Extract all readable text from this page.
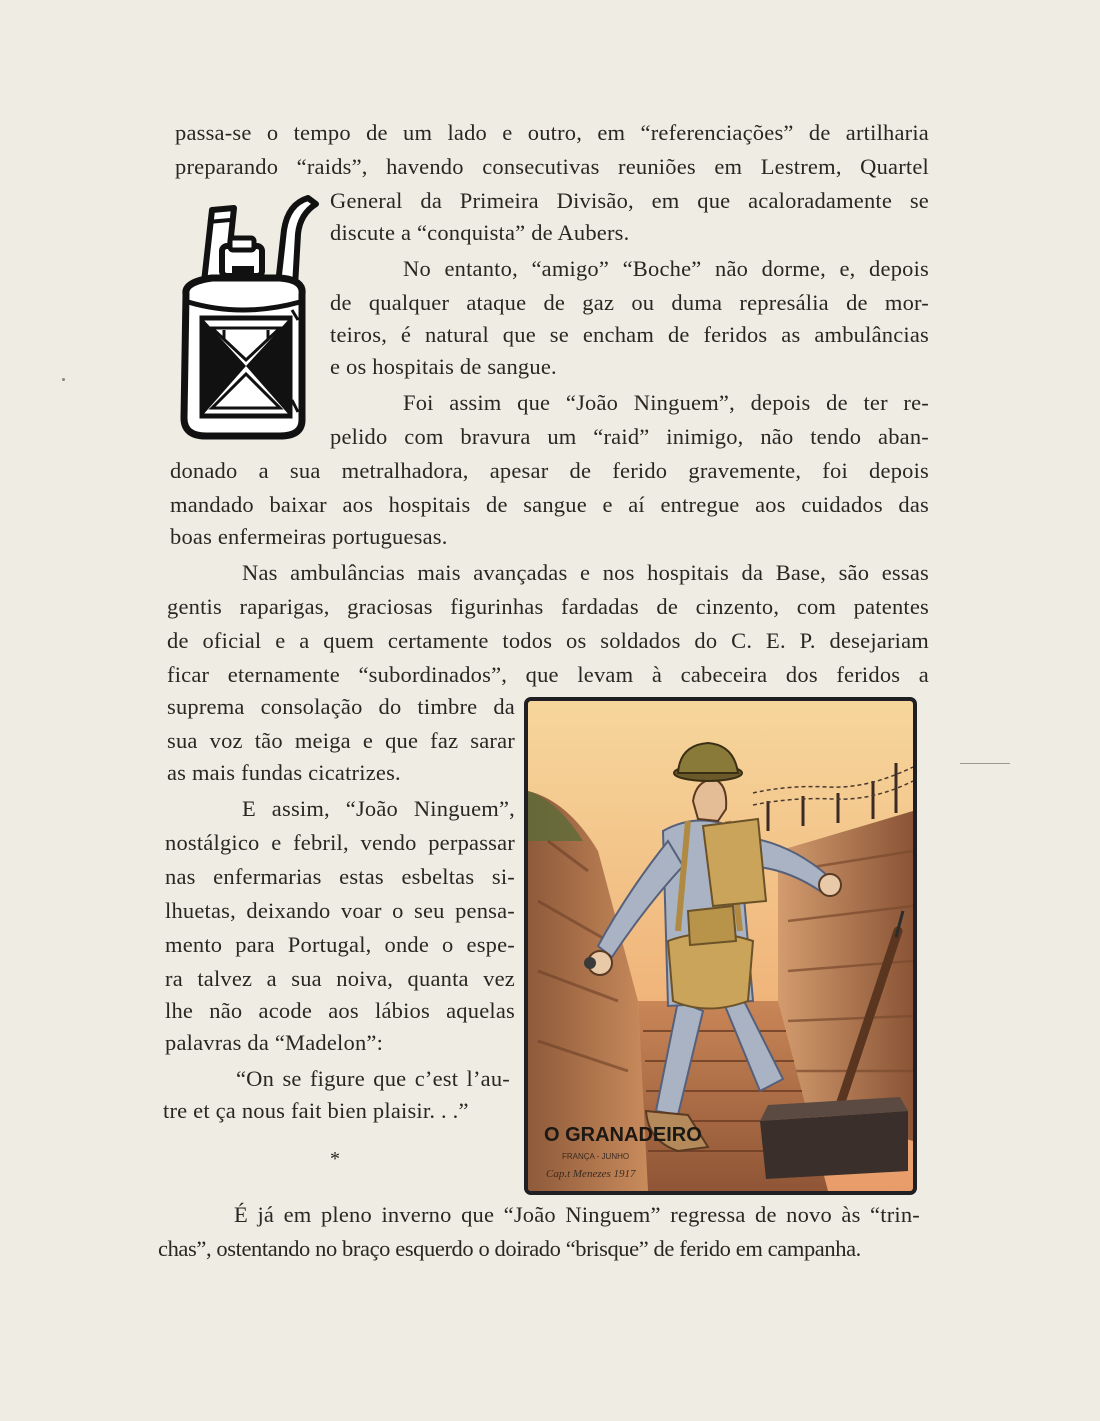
passa-se o tempo de um lado e outro, em “referenciações” de artilharia
preparando “raids”, havendo consecutivas reuniões em Lestrem, Quartel
General da Primeira Divisão, em que acaloradamente se
discute a “conquista” de Aubers.
No entanto, “amigo” “Boche” não dorme, e, depois
de qualquer ataque de gaz ou duma represália de mor-
teiros, é natural que se encham de feridos as ambulâncias
e os hospitais de sangue.
Foi assim que “João Ninguem”, depois de ter re-
pelido com bravura um “raid” inimigo, não tendo aban-
donado a sua metralhadora, apesar de ferido gravemente, foi depois
mandado baixar aos hospitais de sangue e aí entregue aos cuidados das
boas enfermeiras portuguesas.
Nas ambulâncias mais avançadas e nos hospitais da Base, são essas
gentis raparigas, graciosas figurinhas fardadas de cinzento, com patentes
de oficial e a quem certamente todos os soldados do C. E. P. desejariam
ficar eternamente “subordinados”, que levam à cabeceira dos feridos a
suprema consolação do timbre da
sua voz tão meiga e que faz sarar
as mais fundas cicatrizes.
E assim, “João Ninguem”,
nostálgico e febril, vendo perpassar
nas enfermarias estas esbeltas si-
lhuetas, deixando voar o seu pensa-
mento para Portugal, onde o espe-
ra talvez a sua noiva, quanta vez
lhe não acode aos lábios aquelas
palavras da “Madelon”:
“On se figure que c’est l’au-
tre et ça nous fait bien plaisir. . .”
*
É já em pleno inverno que “João Ninguem” regressa de novo às “trin-
chas”, ostentando no braço esquerdo o doirado “brisque” de ferido em campanha.
O GRANADEIRO
FRANÇA - JUNHO
Cap.t Menezes 1917
